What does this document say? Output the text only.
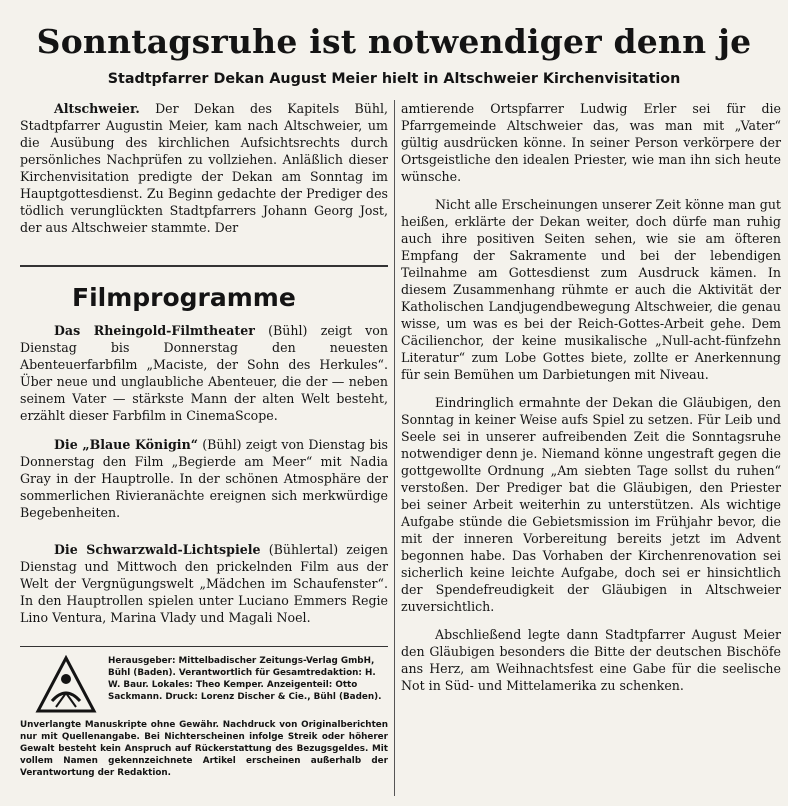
Sonntagsruhe ist notwendiger denn je
Stadtpfarrer Dekan August Meier hielt in Altschweier Kirchenvisitation

Altschweier. Der Dekan des Kapitels Bühl, Stadtpfarrer Augustin Meier, kam nach Altschweier, um die Ausübung des kirchlichen Aufsichtsrechts durch persönliches Nachprüfen zu vollziehen. Anläßlich dieser Kirchenvisitation predigte der Dekan am Sonntag im Hauptgottesdienst. Zu Beginn gedachte der Prediger des tödlich verunglückten Stadtpfarrers Johann Georg Jost, der aus Altschweier stammte. Der

Filmprogramme

Das Rheingold-Filmtheater (Bühl) zeigt von Dienstag bis Donnerstag den neuesten Abenteuerfarbfilm „Maciste, der Sohn des Herkules“. Über neue und unglaubliche Abenteuer, die der — neben seinem Vater — stärkste Mann der alten Welt besteht, erzählt dieser Farbfilm in CinemaScope.

Die „Blaue Königin“ (Bühl) zeigt von Dienstag bis Donnerstag den Film „Begierde am Meer“ mit Nadia Gray in der Hauptrolle. In der schönen Atmosphäre der sommerlichen Rivieranächte ereignen sich merkwürdige Begebenheiten.

Die Schwarzwald-Lichtspiele (Bühlertal) zeigen Dienstag und Mittwoch den prickelnden Film aus der Welt der Vergnügungswelt „Mädchen im Schaufenster“. In den Hauptrollen spielen unter Luciano Emmers Regie Lino Ventura, Marina Vlady und Magali Noel.

Herausgeber: Mittelbadischer Zeitungs-Verlag GmbH, Bühl (Baden). Verantwortlich für Gesamtredaktion: H. W. Baur. Lokales: Theo Kemper. Anzeigenteil: Otto Sackmann. Druck: Lorenz Discher & Cie., Bühl (Baden).
Unverlangte Manuskripte ohne Gewähr. Nachdruck von Originalberichten nur mit Quellenangabe. Bei Nichterscheinen infolge Streik oder höherer Gewalt besteht kein Anspruch auf Rückerstattung des Bezugsgeldes. Mit vollem Namen gekennzeichnete Artikel erscheinen außerhalb der Verantwortung der Redaktion.

amtierende Ortspfarrer Ludwig Erler sei für die Pfarrgemeinde Altschweier das, was man mit „Vater“ gültig ausdrücken könne. In seiner Person verkörpere der Ortsgeistliche den idealen Priester, wie man ihn sich heute wünsche.

Nicht alle Erscheinungen unserer Zeit könne man gut heißen, erklärte der Dekan weiter, doch dürfe man ruhig auch ihre positiven Seiten sehen, wie sie am öfteren Empfang der Sakramente und bei der lebendigen Teilnahme am Gottesdienst zum Ausdruck kämen. In diesem Zusammenhang rühmte er auch die Aktivität der Katholischen Landjugendbewegung Altschweier, die genau wisse, um was es bei der Reich-Gottes-Arbeit gehe. Dem Cäcilienchor, der keine musikalische „Null-acht-fünfzehn Literatur“ zum Lobe Gottes biete, zollte er Anerkennung für sein Bemühen um Darbietungen mit Niveau.

Eindringlich ermahnte der Dekan die Gläubigen, den Sonntag in keiner Weise aufs Spiel zu setzen. Für Leib und Seele sei in unserer aufreibenden Zeit die Sonntagsruhe notwendiger denn je. Niemand könne ungestraft gegen die gottgewollte Ordnung „Am siebten Tage sollst du ruhen“ verstoßen. Der Prediger bat die Gläubigen, den Priester bei seiner Arbeit weiterhin zu unterstützen. Als wichtige Aufgabe stünde die Gebietsmission im Frühjahr bevor, die mit der inneren Vorbereitung bereits jetzt im Advent begonnen habe. Das Vorhaben der Kirchenrenovation sei sicherlich keine leichte Aufgabe, doch sei er hinsichtlich der Spendefreudigkeit der Gläubigen in Altschweier zuversichtlich.

Abschließend legte dann Stadtpfarrer August Meier den Gläubigen besonders die Bitte der deutschen Bischöfe ans Herz, am Weihnachtsfest eine Gabe für die seelische Not in Süd- und Mittelamerika zu schenken.
